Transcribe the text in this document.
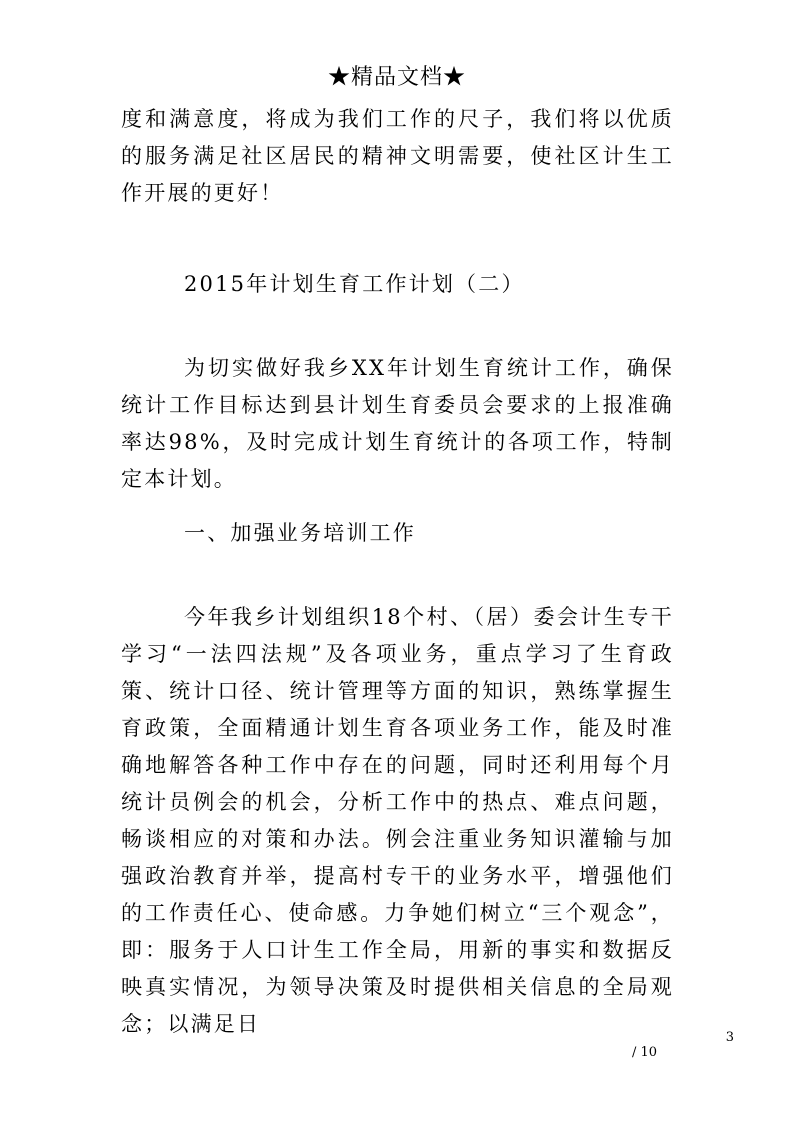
★精品文档★

度和满意度，将成为我们工作的尺子，我们将以优质的服务满足社区居民的精神文明需要，使社区计生工作开展的更好！

2015年计划生育工作计划（二）

为切实做好我乡XX年计划生育统计工作，确保统计工作目标达到县计划生育委员会要求的上报准确率达98%，及时完成计划生育统计的各项工作，特制定本计划。

一、加强业务培训工作

今年我乡计划组织18个村、（居）委会计生专干学习“一法四法规”及各项业务，重点学习了生育政策、统计口径、统计管理等方面的知识，熟练掌握生育政策，全面精通计划生育各项业务工作，能及时准确地解答各种工作中存在的问题，同时还利用每个月统计员例会的机会，分析工作中的热点、难点问题，畅谈相应的对策和办法。例会注重业务知识灌输与加强政治教育并举，提高村专干的业务水平，增强他们的工作责任心、使命感。力争她们树立“三个观念”，即：服务于人口计生工作全局，用新的事实和数据反映真实情况，为领导决策及时提供相关信息的全局观念；以满足日

3
/ 10
